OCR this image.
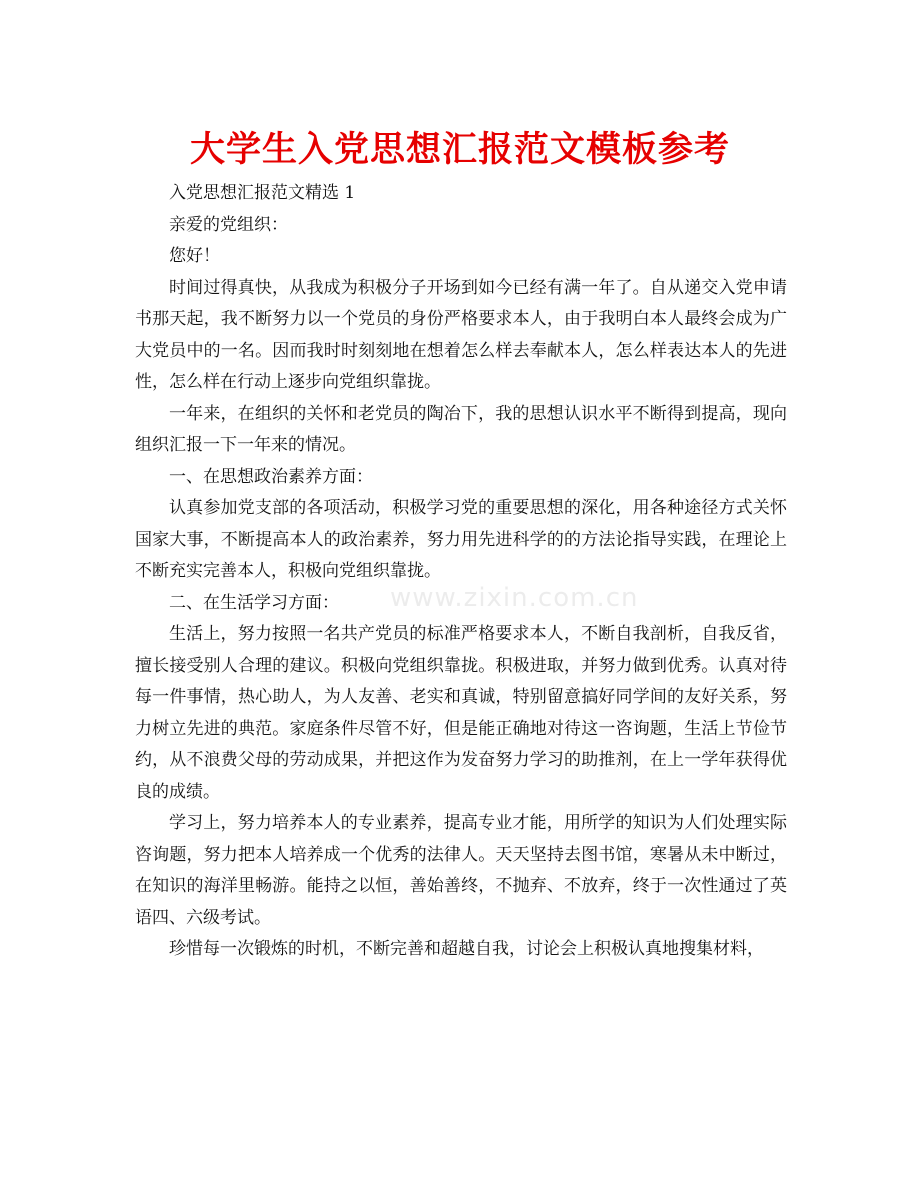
大学生入党思想汇报范文模板参考
www.zixin.com.cn

入党思想汇报范文精选 1

亲爱的党组织：

您好！

时间过得真快，从我成为积极分子开场到如今已经有满一年了。自从递交入党申请书那天起，我不断努力以一个党员的身份严格要求本人，由于我明白本人最终会成为广大党员中的一名。因而我时时刻刻地在想着怎么样去奉献本人，怎么样表达本人的先进性，怎么样在行动上逐步向党组织靠拢。

一年来，在组织的关怀和老党员的陶冶下，我的思想认识水平不断得到提高，现向组织汇报一下一年来的情况。

一、在思想政治素养方面：

认真参加党支部的各项活动，积极学习党的重要思想的深化，用各种途径方式关怀国家大事，不断提高本人的政治素养，努力用先进科学的的方法论指导实践，在理论上不断充实完善本人，积极向党组织靠拢。

二、在生活学习方面：

生活上，努力按照一名共产党员的标准严格要求本人，不断自我剖析，自我反省，擅长接受别人合理的建议。积极向党组织靠拢。积极进取，并努力做到优秀。认真对待每一件事情，热心助人，为人友善、老实和真诚，特别留意搞好同学间的友好关系，努力树立先进的典范。家庭条件尽管不好，但是能正确地对待这一咨询题，生活上节俭节约，从不浪费父母的劳动成果，并把这作为发奋努力学习的助推剂，在上一学年获得优良的成绩。

学习上，努力培养本人的专业素养，提高专业才能，用所学的知识为人们处理实际咨询题，努力把本人培养成一个优秀的法律人。天天坚持去图书馆，寒暑从未中断过，在知识的海洋里畅游。能持之以恒，善始善终，不抛弃、不放弃，终于一次性通过了英语四、六级考试。

珍惜每一次锻炼的时机，不断完善和超越自我，讨论会上积极认真地搜集材料，
